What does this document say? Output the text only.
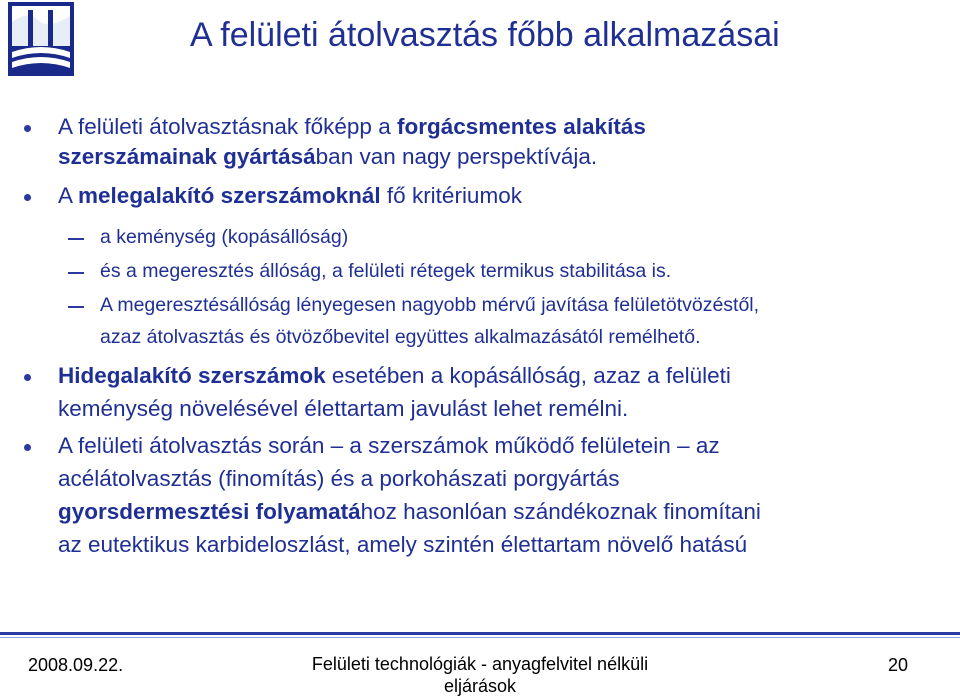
A felületi átolvasztás főbb alkalmazásai
A felületi átolvasztásnak főképp a forgácsmentes alakítás
szerszámainak gyártásában van nagy perspektívája.
A melegalakító szerszámoknál fő kritériumok
a keménység (kopásállóság)
és a megeresztés állóság, a felületi rétegek termikus stabilitása is.
A megeresztésállóság lényegesen nagyobb mérvű javítása felületötvözéstől,
azaz átolvasztás és ötvözőbevitel együttes alkalmazásától remélhető.
Hidegalakító szerszámok esetében a kopásállóság, azaz a felületi
keménység növelésével élettartam javulást lehet remélni.
A felületi átolvasztás során – a szerszámok működő felületein – az
acélátolvasztás (finomítás) és a porkohászati porgyártás
gyorsdermesztési folyamatához hasonlóan szándékoznak finomítani
az eutektikus karbideloszlást, amely szintén élettartam növelő hatású
2008.09.22.	Felületi technológiák - anyagfelvitel nélküli eljárások
20
